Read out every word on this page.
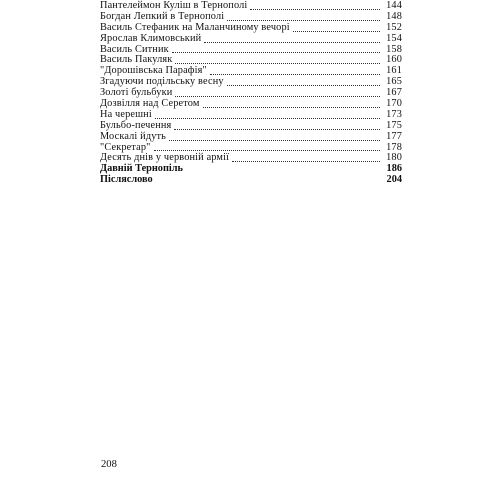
Пантелеймон Куліш в Тернополі	144
Богдан Лепкий в Тернополі	148
Василь Стефаник на Маланчиному вечорі	152
Ярослав Климовський	154
Василь Ситник	158
Василь Пакуляк	160
"Дорошівська Парафія"	161
Згадуючи подільську весну	165
Золоті бульбуки	167
Дозвілля над Серетом	170
На черешні	173
Бульбо-печення	175
Москалі йдуть	177
"Секретар"	178
Десять днів у червоній армії	180
Давній Тернопіль	186
Післяслово	204
208
